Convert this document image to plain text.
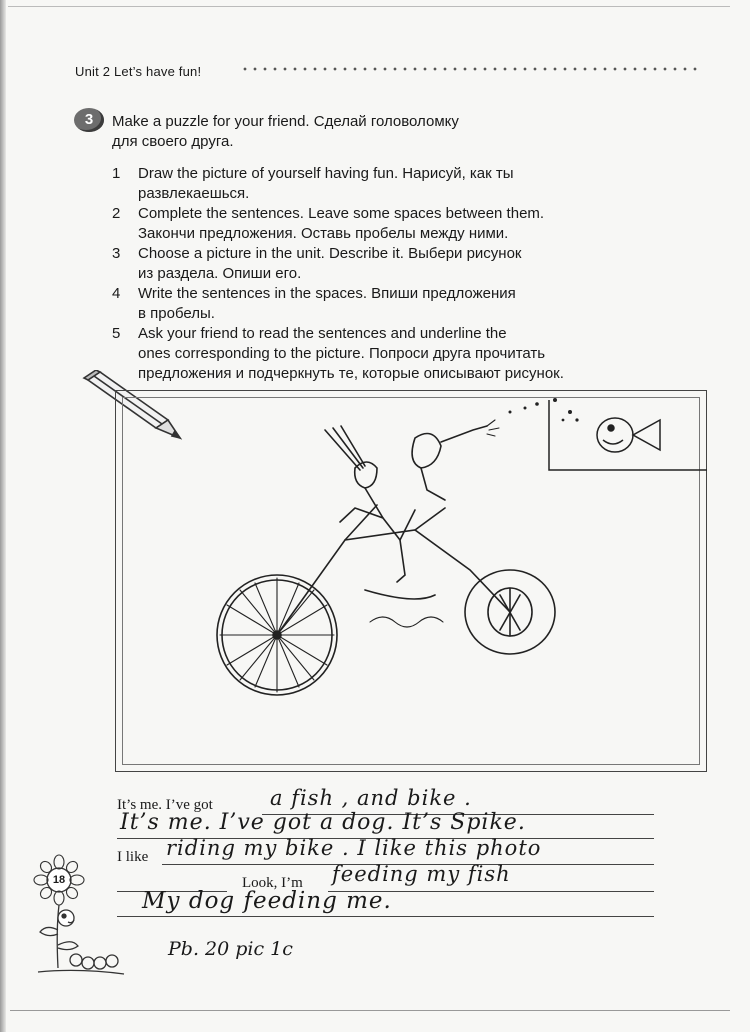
Unit 2 Let’s have fun!
3	Make a puzzle for your friend. Сделай головоломку
для своего друга.
1 Draw the picture of yourself having fun. Нарисуй, как ты
развлекаешься.
2 Complete the sentences. Leave some spaces between them.
Закончи предложения. Оставь пробелы между ними.
3 Choose a picture in the unit. Describe it. Выбери рисунок
из раздела. Опиши его.
4 Write the sentences in the spaces. Впиши предложения
в пробелы.
5 Ask your friend to read the sentences and underline the
ones corresponding to the picture. Попроси друга прочитать
предложения и подчеркнуть те, которые описывают рисунок.
It’s me. I’ve got	a fish , and bike .
It’s me. I’ve got a dog. It’s Spike.
I like riding my bike . I like this photo
Look, I’m feeding my fish
My dog feeding me.
Pb. 20 pic 1c
18
